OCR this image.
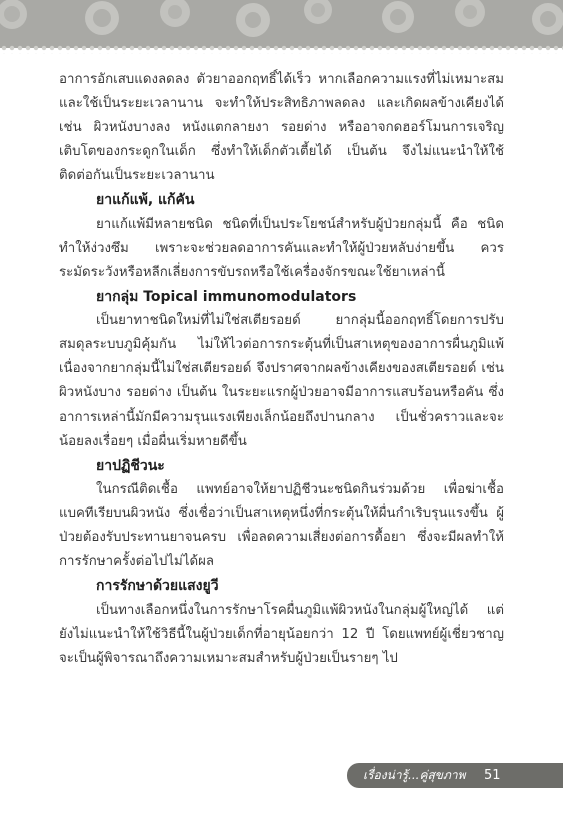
อาการอักเสบแดงลดลง ตัวยาออกฤทธิ์ได้เร็ว หากเลือกความแรงที่ไม่เหมาะสม และใช้เป็นระยะเวลานาน จะทำให้ประสิทธิภาพลดลง และเกิดผลข้างเคียงได้ เช่น ผิวหนังบางลง หนังแตกลายงา รอยด่าง หรืออาจกดฮอร์โมนการเจริญเติบโตของกระดูกในเด็ก ซึ่งทำให้เด็กตัวเตี้ยได้ เป็นต้น จึงไม่แนะนำให้ใช้ติดต่อกันเป็นระยะเวลานาน

ยาแก้แพ้, แก้คัน

ยาแก้แพ้มีหลายชนิด ชนิดที่เป็นประโยชน์สำหรับผู้ป่วยกลุ่มนี้ คือ ชนิดทำให้ง่วงซึม เพราะจะช่วยลดอาการคันและทำให้ผู้ป่วยหลับง่ายขึ้น ควรระมัดระวังหรือหลีกเลี่ยงการขับรถหรือใช้เครื่องจักรขณะใช้ยาเหล่านี้

ยากลุ่ม Topical immunomodulators

เป็นยาทาชนิดใหม่ที่ไม่ใช่สเตียรอยด์ ยากลุ่มนี้ออกฤทธิ์โดยการปรับสมดุลระบบภูมิคุ้มกัน ไม่ให้ไวต่อการกระตุ้นที่เป็นสาเหตุของอาการผื่นภูมิแพ้ เนื่องจากยากลุ่มนี้ไม่ใช่สเตียรอยด์ จึงปราศจากผลข้างเคียงของสเตียรอยด์ เช่น ผิวหนังบาง รอยด่าง เป็นต้น ในระยะแรกผู้ป่วยอาจมีอาการแสบร้อนหรือคัน ซึ่งอาการเหล่านี้มักมีความรุนแรงเพียงเล็กน้อยถึงปานกลาง เป็นชั่วคราวและจะน้อยลงเรื่อยๆ เมื่อผื่นเริ่มหายดีขึ้น

ยาปฏิชีวนะ

ในกรณีติดเชื้อ แพทย์อาจให้ยาปฏิชีวนะชนิดกินร่วมด้วย เพื่อฆ่าเชื้อแบคทีเรียบนผิวหนัง ซึ่งเชื่อว่าเป็นสาเหตุหนึ่งที่กระตุ้นให้ผื่นกำเริบรุนแรงขึ้น ผู้ป่วยต้องรับประทานยาจนครบ เพื่อลดความเสี่ยงต่อการดื้อยา ซึ่งจะมีผลทำให้การรักษาครั้งต่อไปไม่ได้ผล

การรักษาด้วยแสงยูวี

เป็นทางเลือกหนึ่งในการรักษาโรคผื่นภูมิแพ้ผิวหนังในกลุ่มผู้ใหญ่ได้ แต่ยังไม่แนะนำให้ใช้วิธีนี้ในผู้ป่วยเด็กที่อายุน้อยกว่า 12 ปี โดยแพทย์ผู้เชี่ยวชาญจะเป็นผู้พิจารณาถึงความเหมาะสมสำหรับผู้ป่วยเป็นรายๆ ไป

เรื่องน่ารู้...คู่สุขภาพ 51
